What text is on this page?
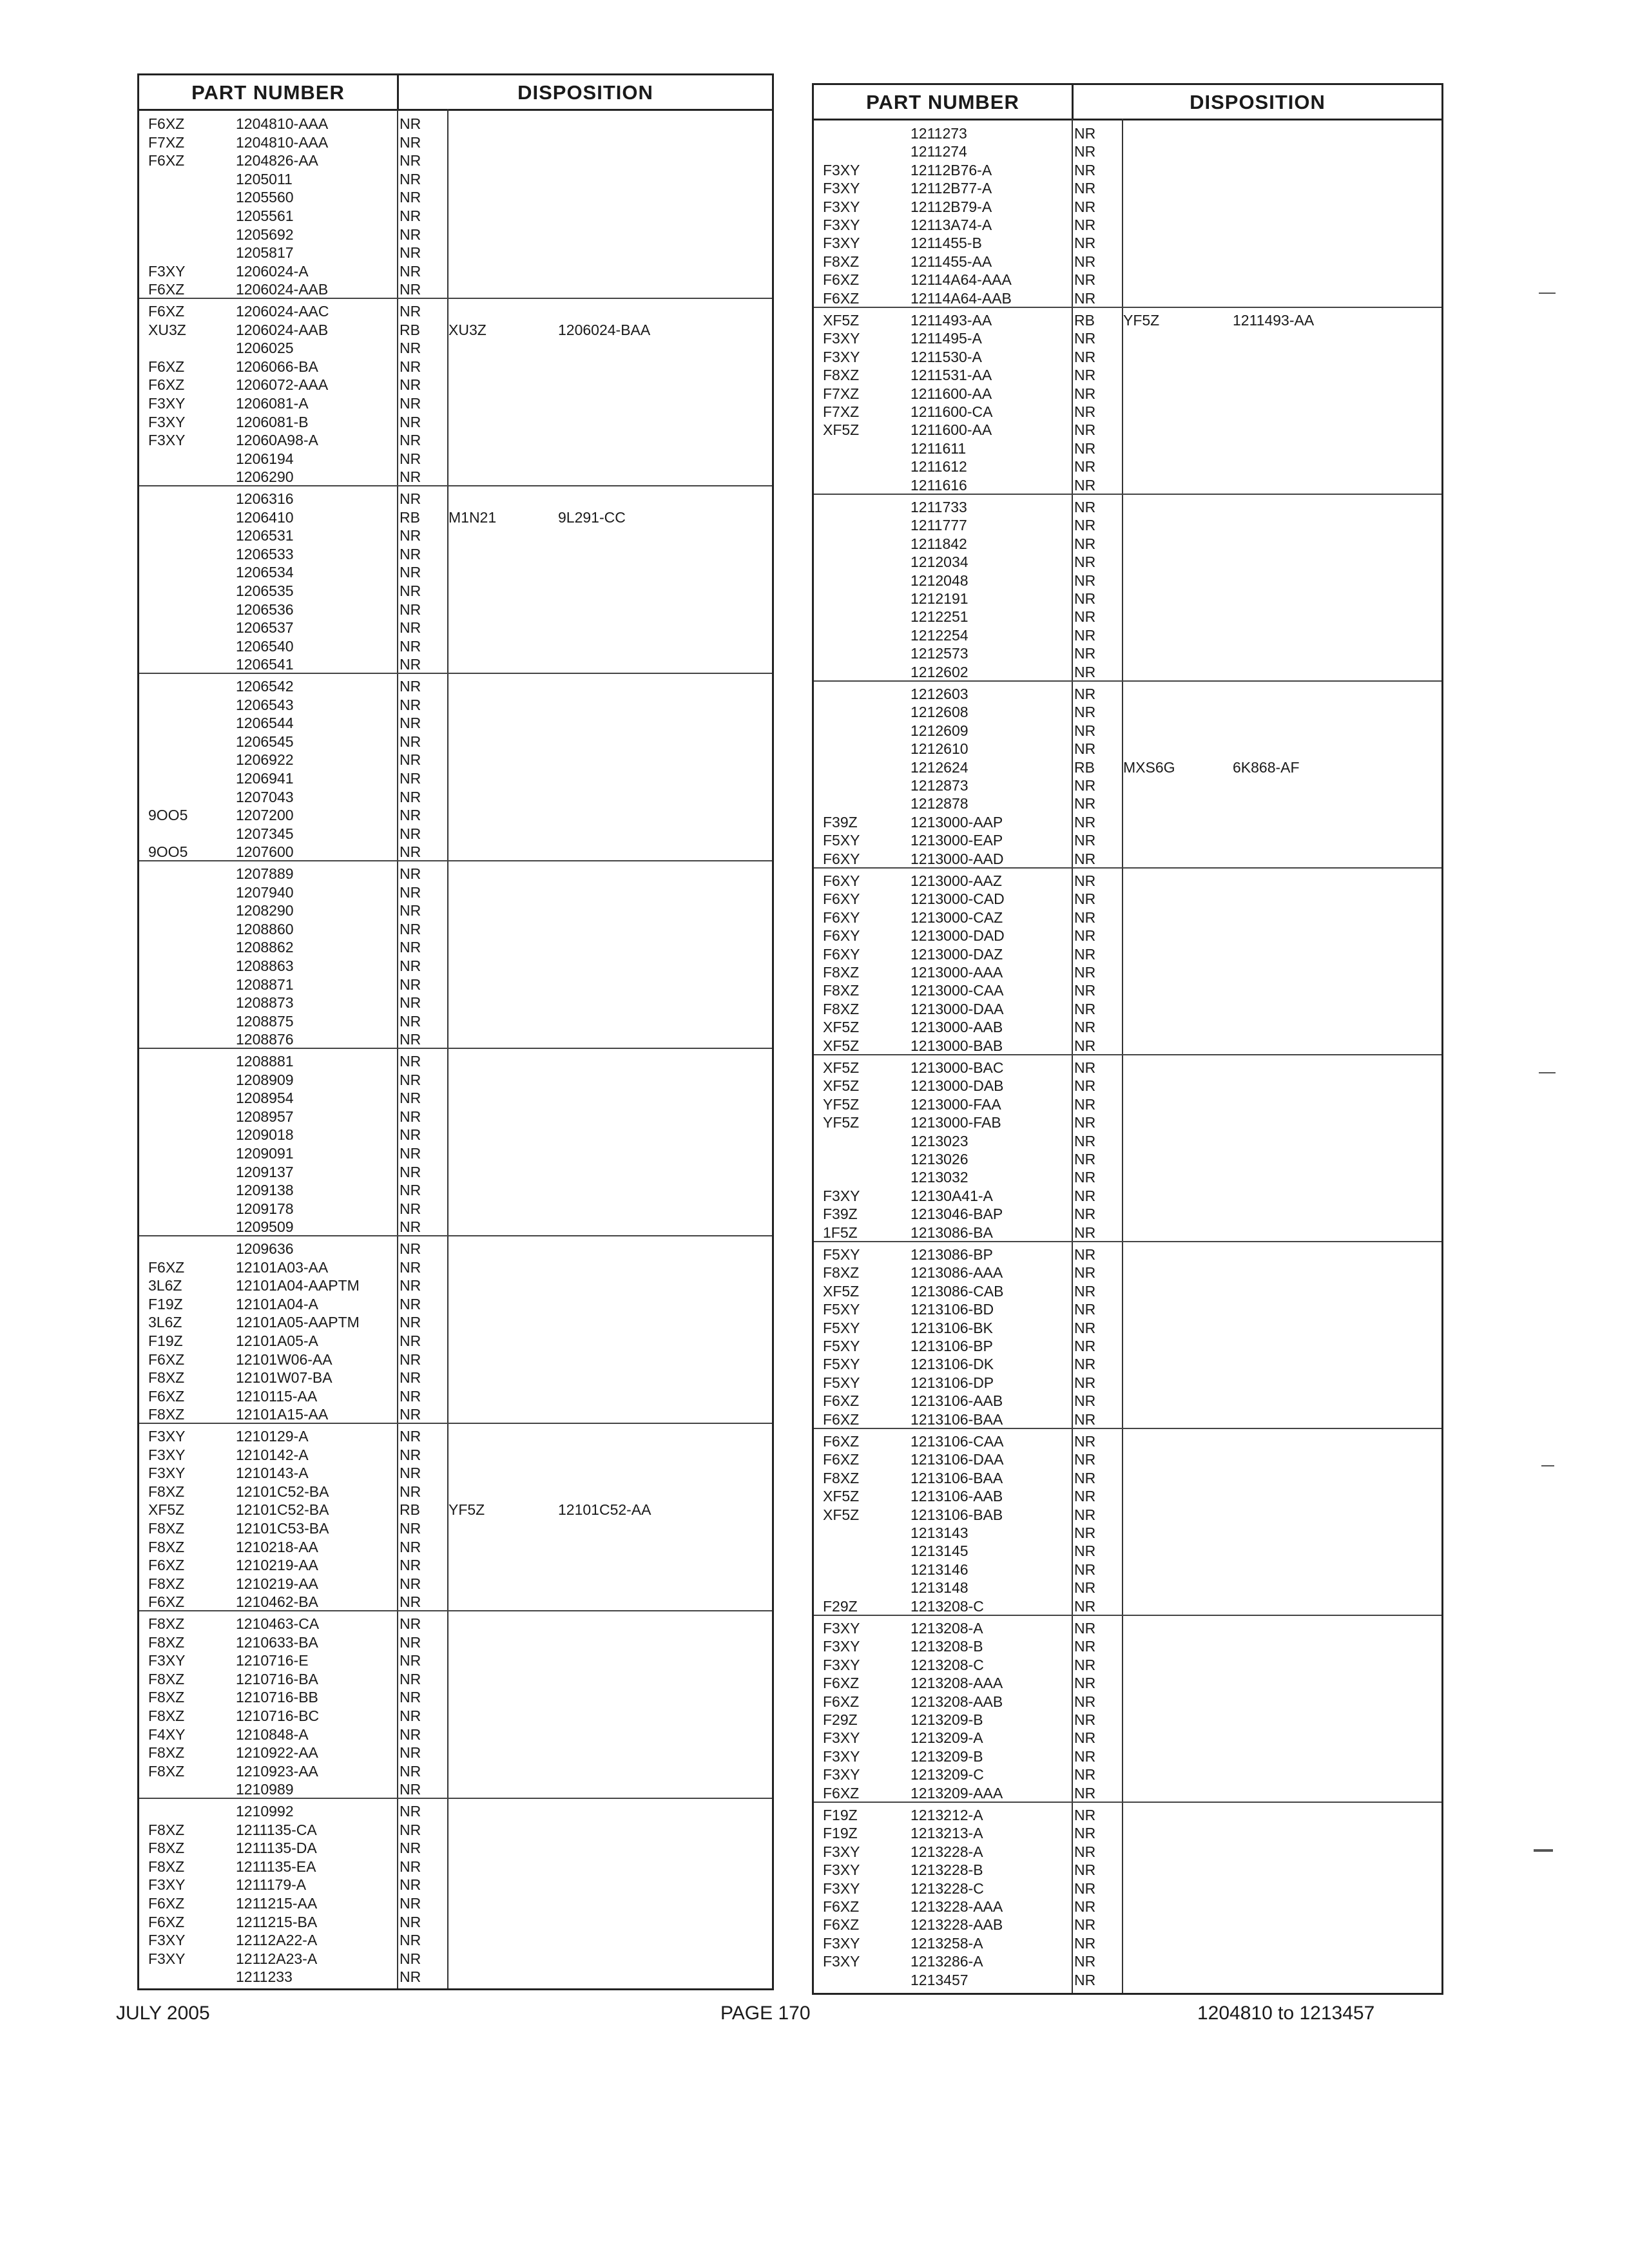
PART NUMBER	DISPOSITION
F6XZ	1204810-AAA	NR
F7XZ	1204810-AAA	NR
F6XZ	1204826-AA	NR
1205011	NR
1205560	NR
1205561	NR
1205692	NR
1205817	NR
F3XY	1206024-A	NR
F6XZ	1206024-AAB	NR
F6XZ	1206024-AAC	NR
XU3Z	1206024-AAB	RB XU3Z	1206024-BAA
1206025	NR
F6XZ	1206066-BA	NR
F6XZ	1206072-AAA	NR
F3XY	1206081-A	NR
F3XY	1206081-B	NR
F3XY	12060A98-A	NR
1206194	NR
1206290	NR
1206316	NR
1206410	RB M1N21	9L291-CC
1206531	NR
1206533	NR
1206534	NR
1206535	NR
1206536	NR
1206537	NR
1206540	NR
1206541	NR
1206542	NR
1206543	NR
1206544	NR
1206545	NR
1206922	NR
1206941	NR
1207043	NR
9OO5	1207200	NR
1207345	NR
9OO5	1207600	NR
1207889	NR
1207940	NR
1208290	NR
1208860	NR
1208862	NR
1208863	NR
1208871	NR
1208873	NR
1208875	NR
1208876	NR
1208881	NR
1208909	NR
1208954	NR
1208957	NR
1209018	NR
1209091	NR
1209137	NR
1209138	NR
1209178	NR
1209509	NR
1209636	NR
F6XZ	12101A03-AA	NR
3L6Z	12101A04-AAPTM	NR
F19Z	12101A04-A	NR
3L6Z	12101A05-AAPTM	NR
F19Z	12101A05-A	NR
F6XZ	12101W06-AA	NR
F8XZ	12101W07-BA	NR
F6XZ	1210115-AA	NR
F8XZ	12101A15-AA	NR
F3XY	1210129-A	NR
F3XY	1210142-A	NR
F3XY	1210143-A	NR
F8XZ	12101C52-BA	NR
XF5Z	12101C52-BA	RB YF5Z	12101C52-AA
F8XZ	12101C53-BA	NR
F8XZ	1210218-AA	NR
F6XZ	1210219-AA	NR
F8XZ	1210219-AA	NR
F6XZ	1210462-BA	NR
F8XZ	1210463-CA	NR
F8XZ	1210633-BA	NR
F3XY	1210716-E	NR
F8XZ	1210716-BA	NR
F8XZ	1210716-BB	NR
F8XZ	1210716-BC	NR
F4XY	1210848-A	NR
F8XZ	1210922-AA	NR
F8XZ	1210923-AA	NR
1210989	NR
1210992	NR
F8XZ	1211135-CA	NR
F8XZ	1211135-DA	NR
F8XZ	1211135-EA	NR
F3XY	1211179-A	NR
F6XZ	1211215-AA	NR
F6XZ	1211215-BA	NR
F3XY	12112A22-A	NR
F3XY	12112A23-A	NR
1211233	NR
PART NUMBER	DISPOSITION
1211273	NR
1211274	NR
F3XY	12112B76-A	NR
F3XY	12112B77-A	NR
F3XY	12112B79-A	NR
F3XY	12113A74-A	NR
F3XY	1211455-B	NR
F8XZ	1211455-AA	NR
F6XZ	12114A64-AAA	NR
F6XZ	12114A64-AAB	NR
XF5Z	1211493-AA	RB YF5Z	1211493-AA
F3XY	1211495-A	NR
F3XY	1211530-A	NR
F8XZ	1211531-AA	NR
F7XZ	1211600-AA	NR
F7XZ	1211600-CA	NR
XF5Z	1211600-AA	NR
1211611	NR
1211612	NR
1211616	NR
1211733	NR
1211777	NR
1211842	NR
1212034	NR
1212048	NR
1212191	NR
1212251	NR
1212254	NR
1212573	NR
1212602	NR
1212603	NR
1212608	NR
1212609	NR
1212610	NR
1212624	RB MXS6G	6K868-AF
1212873	NR
1212878	NR
F39Z	1213000-AAP	NR
F5XY	1213000-EAP	NR
F6XY	1213000-AAD	NR
F6XY	1213000-AAZ	NR
F6XY	1213000-CAD	NR
F6XY	1213000-CAZ	NR
F6XY	1213000-DAD	NR
F6XY	1213000-DAZ	NR
F8XZ	1213000-AAA	NR
F8XZ	1213000-CAA	NR
F8XZ	1213000-DAA	NR
XF5Z	1213000-AAB	NR
XF5Z	1213000-BAB	NR
XF5Z	1213000-BAC	NR
XF5Z	1213000-DAB	NR
YF5Z	1213000-FAA	NR
YF5Z	1213000-FAB	NR
1213023	NR
1213026	NR
1213032	NR
F3XY	12130A41-A	NR
F39Z	1213046-BAP	NR
1F5Z	1213086-BA	NR
F5XY	1213086-BP	NR
F8XZ	1213086-AAA	NR
XF5Z	1213086-CAB	NR
F5XY	1213106-BD	NR
F5XY	1213106-BK	NR
F5XY	1213106-BP	NR
F5XY	1213106-DK	NR
F5XY	1213106-DP	NR
F6XZ	1213106-AAB	NR
F6XZ	1213106-BAA	NR
F6XZ	1213106-CAA	NR
F6XZ	1213106-DAA	NR
F8XZ	1213106-BAA	NR
XF5Z	1213106-AAB	NR
XF5Z	1213106-BAB	NR
1213143	NR
1213145	NR
1213146	NR
1213148	NR
F29Z	1213208-C	NR
F3XY	1213208-A	NR
F3XY	1213208-B	NR
F3XY	1213208-C	NR
F6XZ	1213208-AAA	NR
F6XZ	1213208-AAB	NR
F29Z	1213209-B	NR
F3XY	1213209-A	NR
F3XY	1213209-B	NR
F3XY	1213209-C	NR
F6XZ	1213209-AAA	NR
F19Z	1213212-A	NR
F19Z	1213213-A	NR
F3XY	1213228-A	NR
F3XY	1213228-B	NR
F3XY	1213228-C	NR
F6XZ	1213228-AAA	NR
F6XZ	1213228-AAB	NR
F3XY	1213258-A	NR
F3XY	1213286-A	NR
1213457	NR
JULY 2005	PAGE 170	1204810 to 1213457
